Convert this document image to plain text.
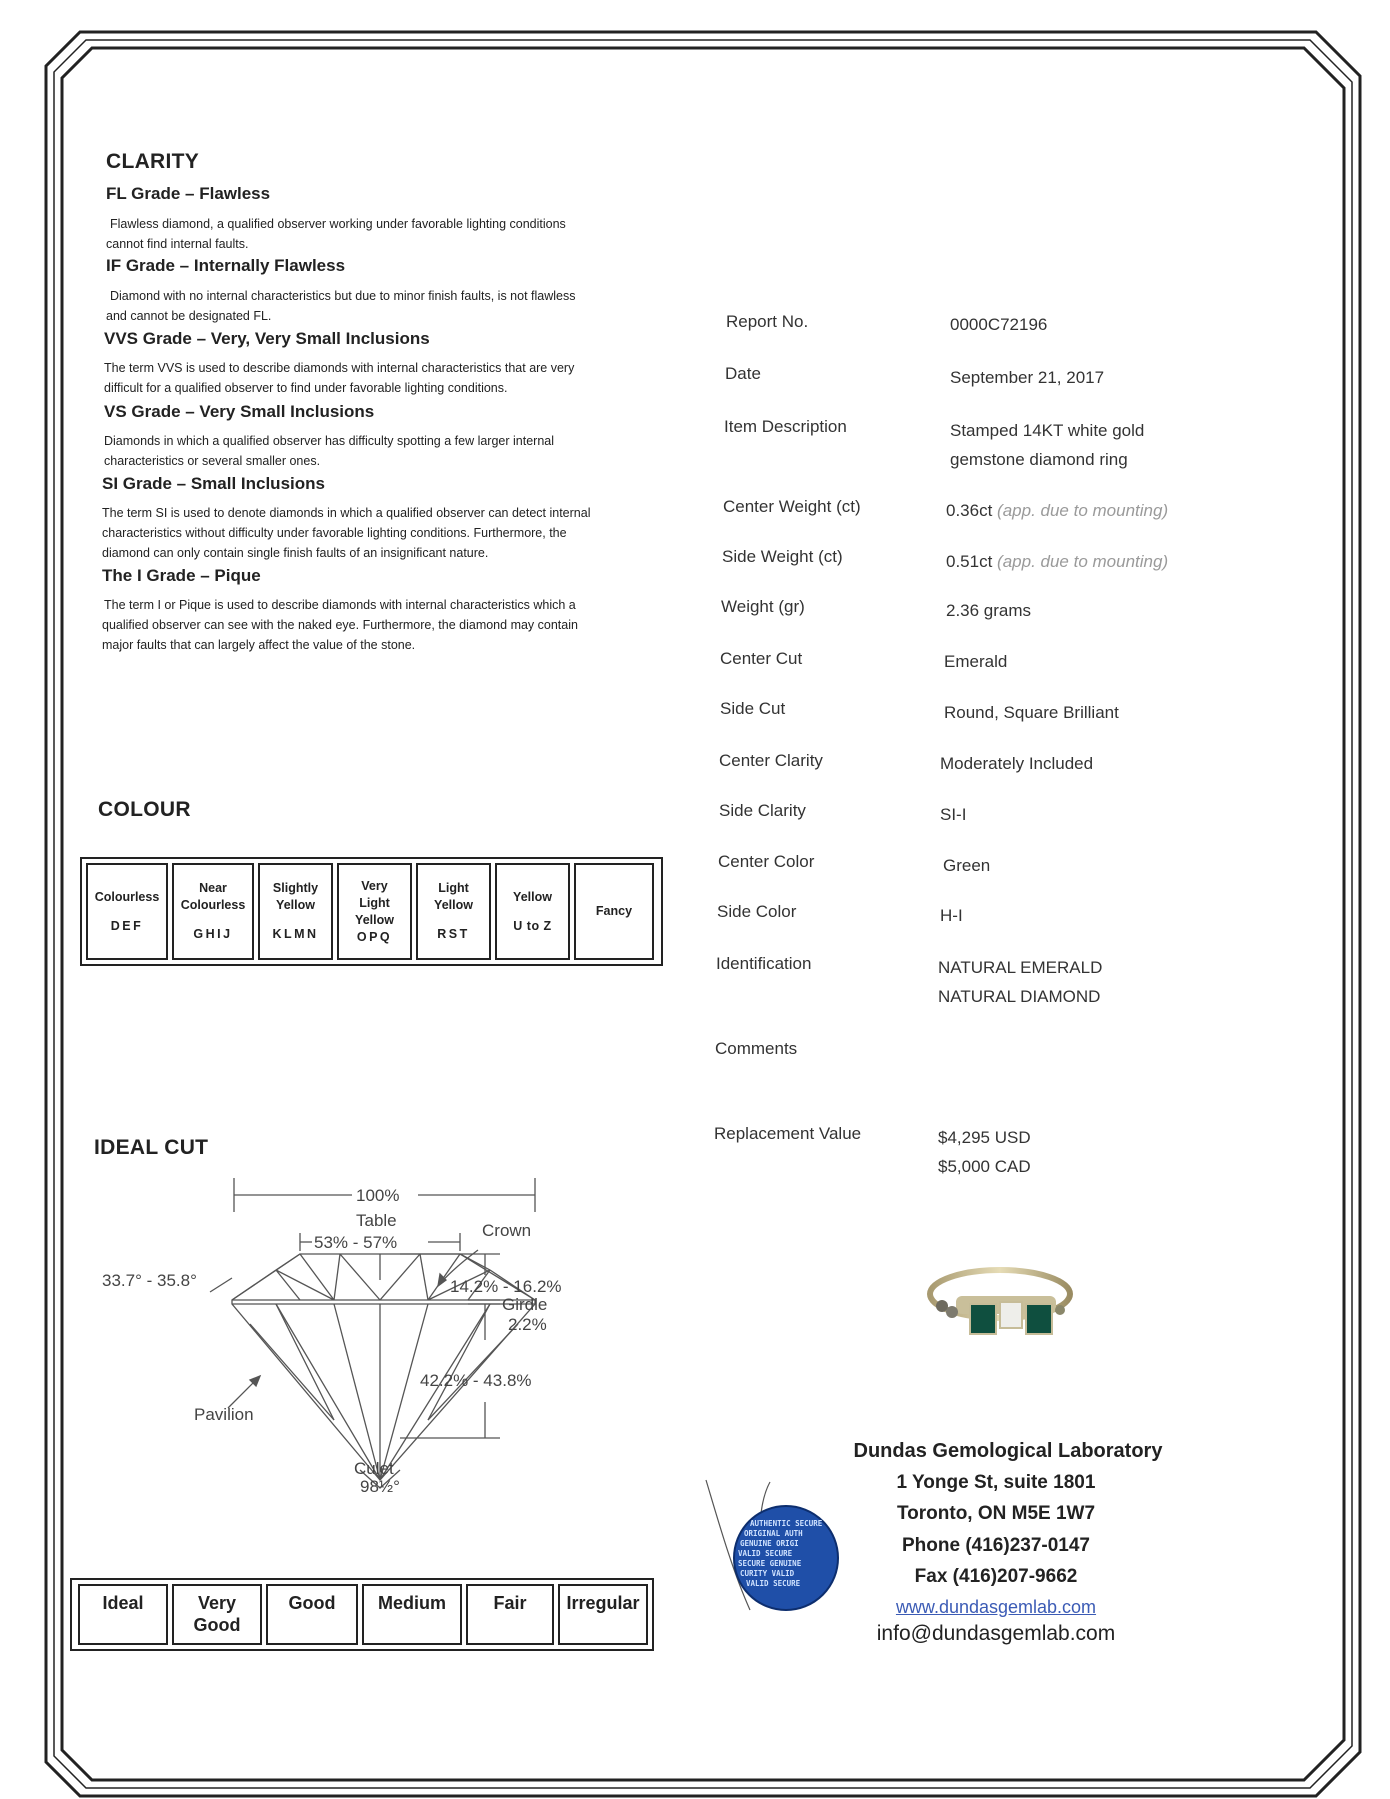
CLARITY
FL Grade – Flawless
Flawless diamond, a qualified observer working under favorable lighting conditions
cannot find internal faults.
IF Grade – Internally Flawless
Diamond with no internal characteristics but due to minor finish faults, is not flawless
and cannot be designated FL.
VVS Grade – Very, Very Small Inclusions
The term VVS is used to describe diamonds with internal characteristics that are very
difficult for a qualified observer to find under favorable lighting conditions.
VS Grade – Very Small Inclusions
Diamonds in which a qualified observer has difficulty spotting a few larger internal
characteristics or several smaller ones.
SI Grade – Small Inclusions
The term SI is used to denote diamonds in which a qualified observer can detect internal
characteristics without difficulty under favorable lighting conditions. Furthermore, the
diamond can only contain single finish faults of an insignificant nature.
The I Grade – Pique
The term I or Pique is used to describe diamonds with internal characteristics which a
qualified observer can see with the naked eye. Furthermore, the diamond may contain
major faults that can largely affect the value of the stone.
COLOUR
Colourless
DEF
Near
Colourless
GHIJ
Slightly
Yellow
KLMN
Very
Light
Yellow
OPQ
Light
Yellow
RST
Yellow
U to Z
Fancy
IDEAL CUT
100%
Table
53% - 57%
Crown
33.7° - 35.8°	14.2% - 16.2%
Girdle
2.2%
42.2% - 43.8%
Pavilion
Culet
98½°
Ideal	Very
Good
Good	Medium	Fair	Irregular
Report No.	0000C72196
Date	September 21, 2017
Item Description	Stamped 14KT white gold
gemstone diamond ring
Center Weight (ct)	0.36ct (app. due to mounting)
Side Weight (ct)	0.51ct (app. due to mounting)
Weight (gr)	2.36 grams
Center Cut	Emerald
Side Cut	Round, Square Brilliant
Center Clarity	Moderately Included
Side Clarity	SI-I
Center Color	Green
Side Color	H-I
Identification	NATURAL EMERALD
NATURAL DIAMOND
Comments
Replacement Value	$4,295 USD
$5,000 CAD
Dundas Gemological Laboratory
1 Yonge St, suite 1801
Toronto, ON M5E 1W7
Phone (416)237-0147
Fax (416)207-9662
www.dundasgemlab.com
info@dundasgemlab.com
AUTHENTIC SECURE
ORIGINAL AUTH
GENUINE ORIGI
VALID SECURE
SECURE GENUINE
CURITY VALID
VALID SECURE
